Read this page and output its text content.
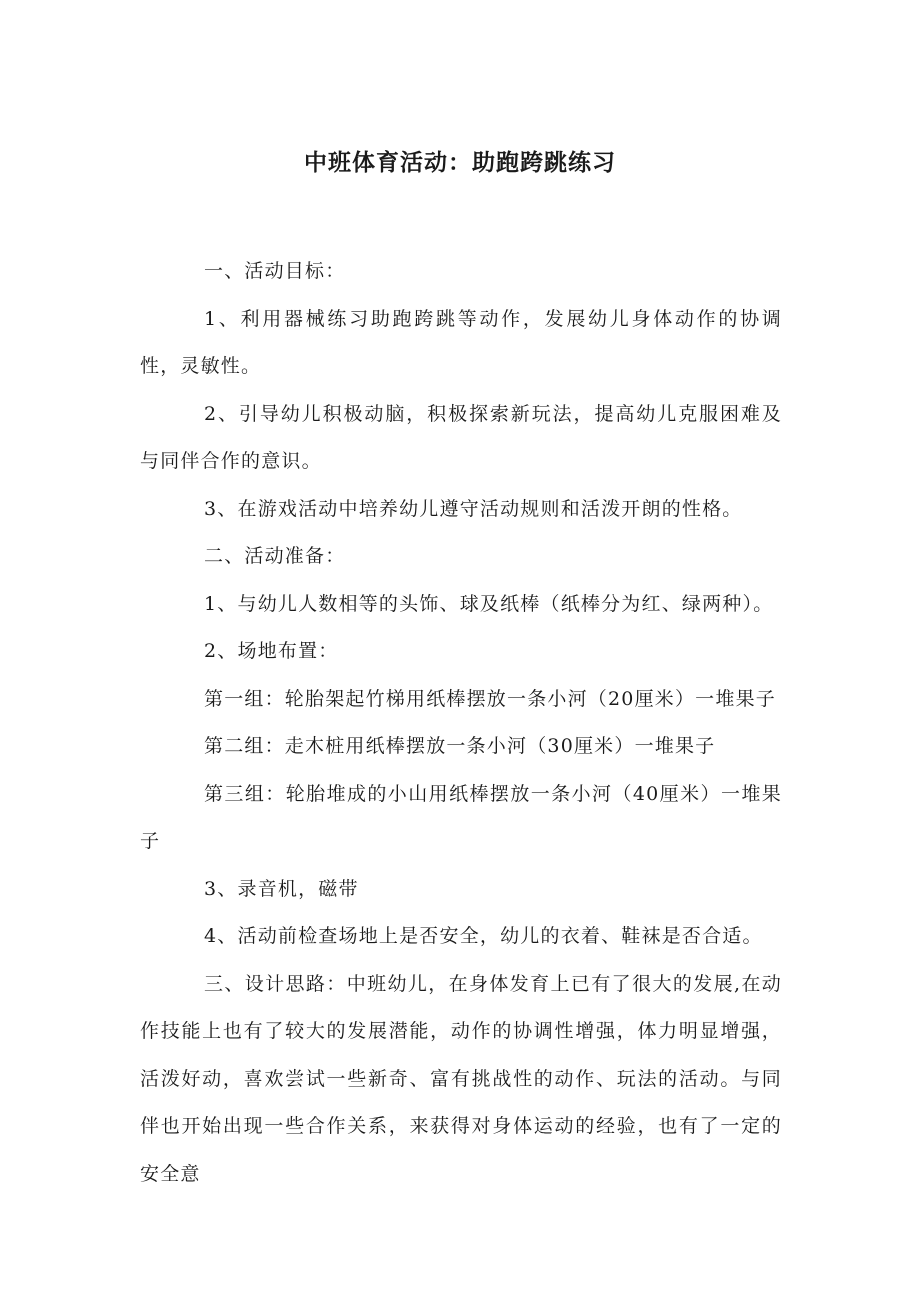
中班体育活动：助跑跨跳练习

一、活动目标：

1、利用器械练习助跑跨跳等动作，发展幼儿身体动作的协调性，灵敏性。

2、引导幼儿积极动脑，积极探索新玩法，提高幼儿克服困难及与同伴合作的意识。

3、在游戏活动中培养幼儿遵守活动规则和活泼开朗的性格。

二、活动准备：

1、与幼儿人数相等的头饰、球及纸棒（纸棒分为红、绿两种）。

2、场地布置：

第一组：轮胎架起竹梯用纸棒摆放一条小河（20厘米）一堆果子

第二组：走木桩用纸棒摆放一条小河（30厘米）一堆果子

第三组：轮胎堆成的小山用纸棒摆放一条小河（40厘米）一堆果子

3、录音机，磁带

4、活动前检查场地上是否安全，幼儿的衣着、鞋袜是否合适。

三、设计思路：中班幼儿，在身体发育上已有了很大的发展,在动作技能上也有了较大的发展潜能，动作的协调性增强，体力明显增强，活泼好动，喜欢尝试一些新奇、富有挑战性的动作、玩法的活动。与同伴也开始出现一些合作关系，来获得对身体运动的经验，也有了一定的安全意
